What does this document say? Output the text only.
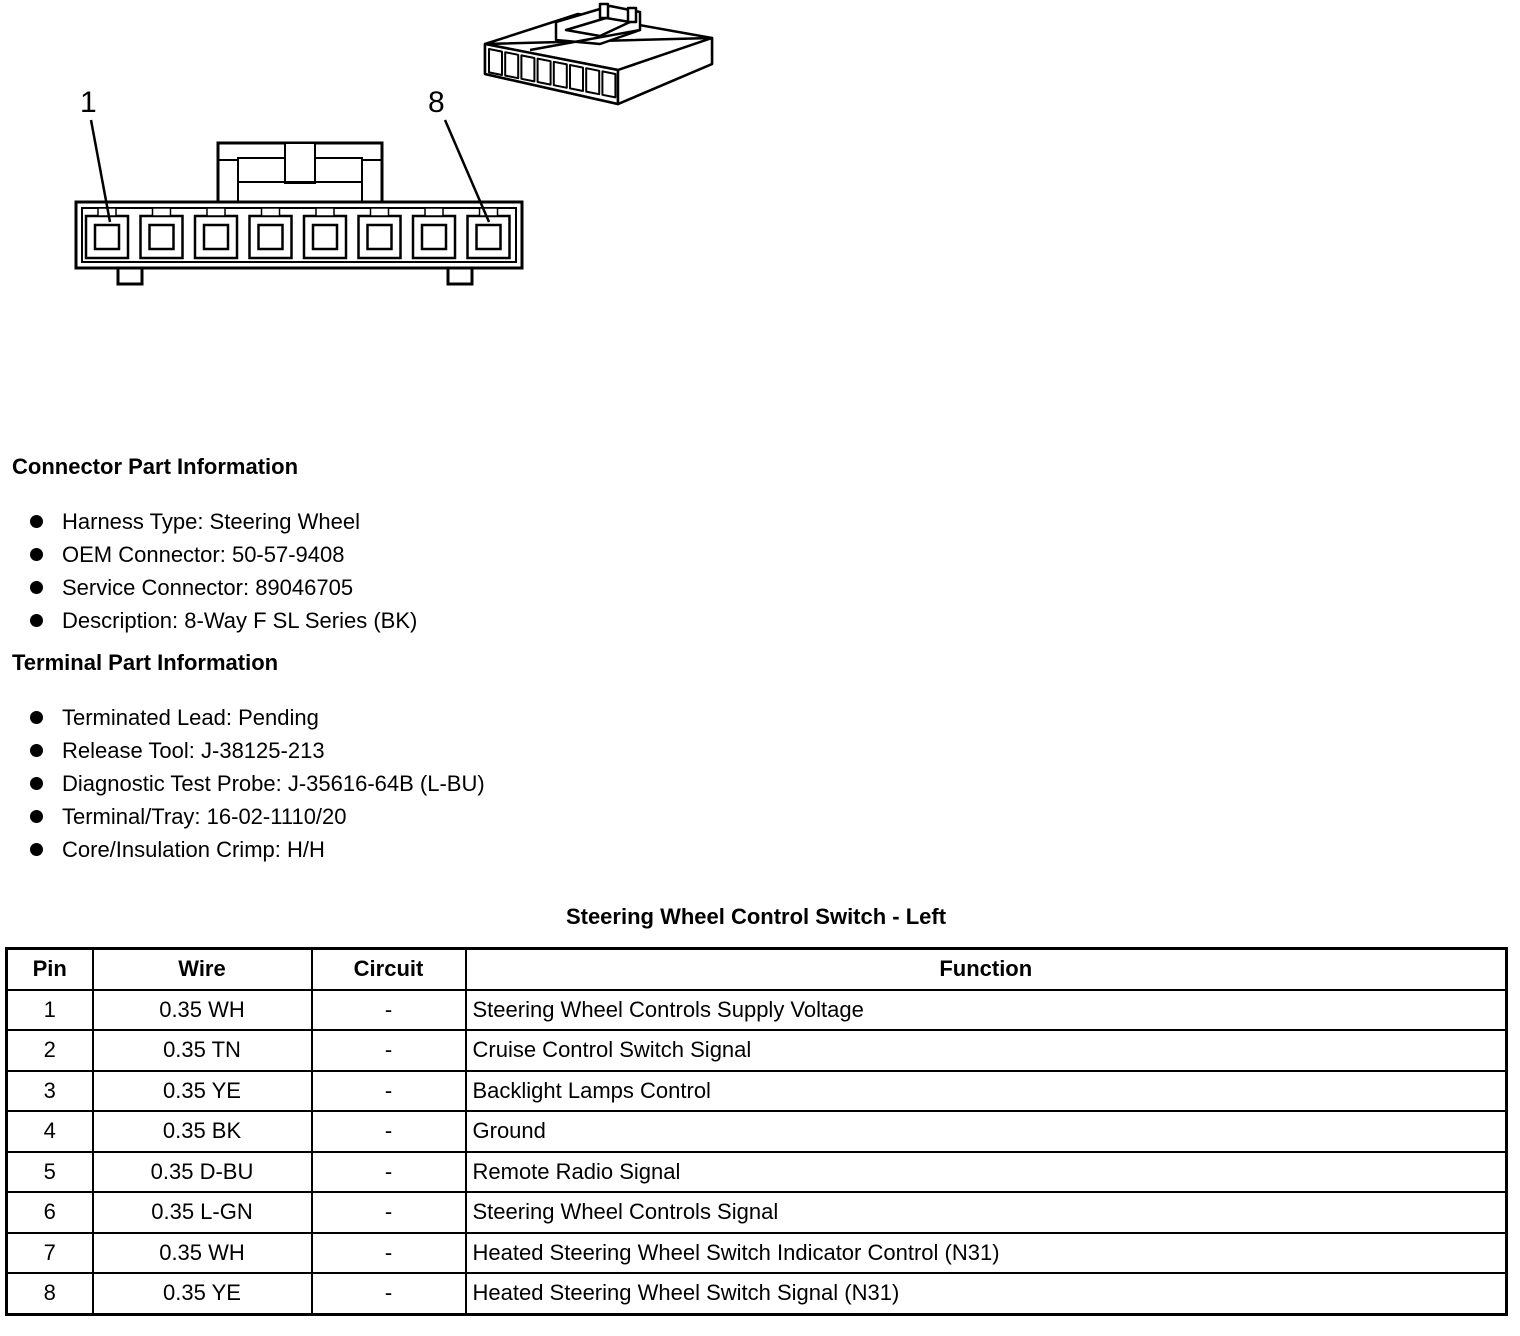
1	8
Connector Part Information
Harness Type: Steering Wheel
OEM Connector: 50-57-9408
Service Connector: 89046705
Description: 8-Way F SL Series (BK)
Terminal Part Information
Terminated Lead: Pending
Release Tool: J-38125-213
Diagnostic Test Probe: J-35616-64B (L-BU)
Terminal/Tray: 16-02-1110/20
Core/Insulation Crimp: H/H
Steering Wheel Control Switch - Left
Pin	Wire	Circuit	Function
1	0.35 WH	-	Steering Wheel Controls Supply Voltage
2	0.35 TN	-	Cruise Control Switch Signal
3	0.35 YE	-	Backlight Lamps Control
4	0.35 BK	-	Ground
5	0.35 D-BU	-	Remote Radio Signal
6	0.35 L-GN	-	Steering Wheel Controls Signal
7	0.35 WH	-	Heated Steering Wheel Switch Indicator Control (N31)
8	0.35 YE	-	Heated Steering Wheel Switch Signal (N31)
